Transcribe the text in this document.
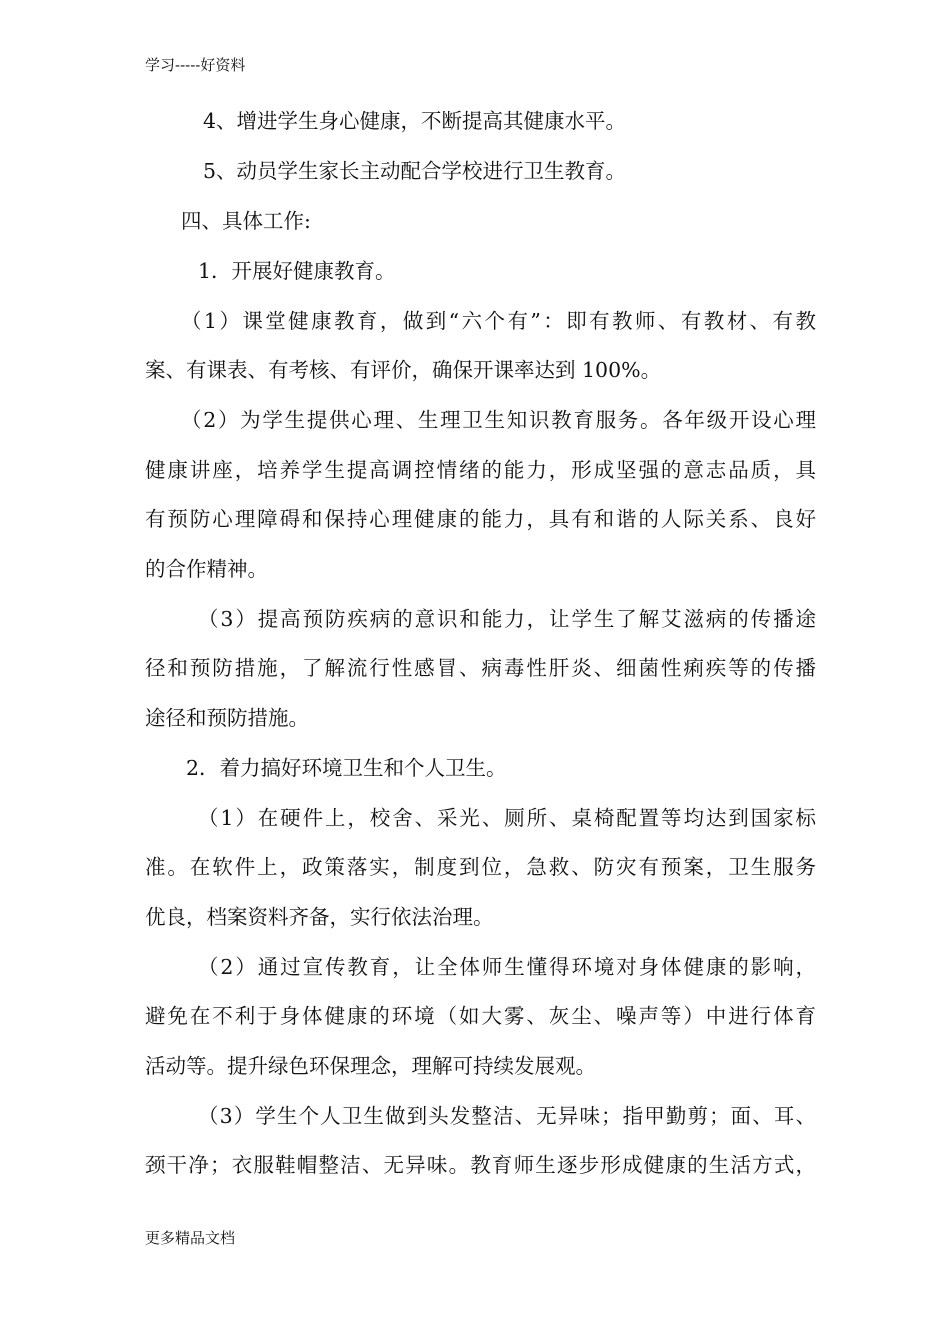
学习-----好资料
4、增进学生身心健康，不断提高其健康水平。
5、动员学生家长主动配合学校进行卫生教育。
四、具体工作:
1．开展好健康教育。
（1）课堂健康教育，做到“六个有”：即有教师、有教材、有教
案、有课表、有考核、有评价，确保开课率达到 100%。
（2）为学生提供心理、生理卫生知识教育服务。各年级开设心理
健康讲座，培养学生提高调控情绪的能力，形成坚强的意志品质，具
有预防心理障碍和保持心理健康的能力，具有和谐的人际关系、良好
的合作精神。
（3）提高预防疾病的意识和能力，让学生了解艾滋病的传播途
径和预防措施，了解流行性感冒、病毒性肝炎、细菌性痢疾等的传播
途径和预防措施。
2．着力搞好环境卫生和个人卫生。
（1）在硬件上，校舍、采光、厕所、桌椅配置等均达到国家标
准。在软件上，政策落实，制度到位，急救、防灾有预案，卫生服务
优良，档案资料齐备，实行依法治理。
（2）通过宣传教育，让全体师生懂得环境对身体健康的影响，
避免在不利于身体健康的环境（如大雾、灰尘、噪声等）中进行体育
活动等。提升绿色环保理念，理解可持续发展观。
（3）学生个人卫生做到头发整洁、无异味；指甲勤剪；面、耳、
颈干净；衣服鞋帽整洁、无异味。教育师生逐步形成健康的生活方式，
更多精品文档
